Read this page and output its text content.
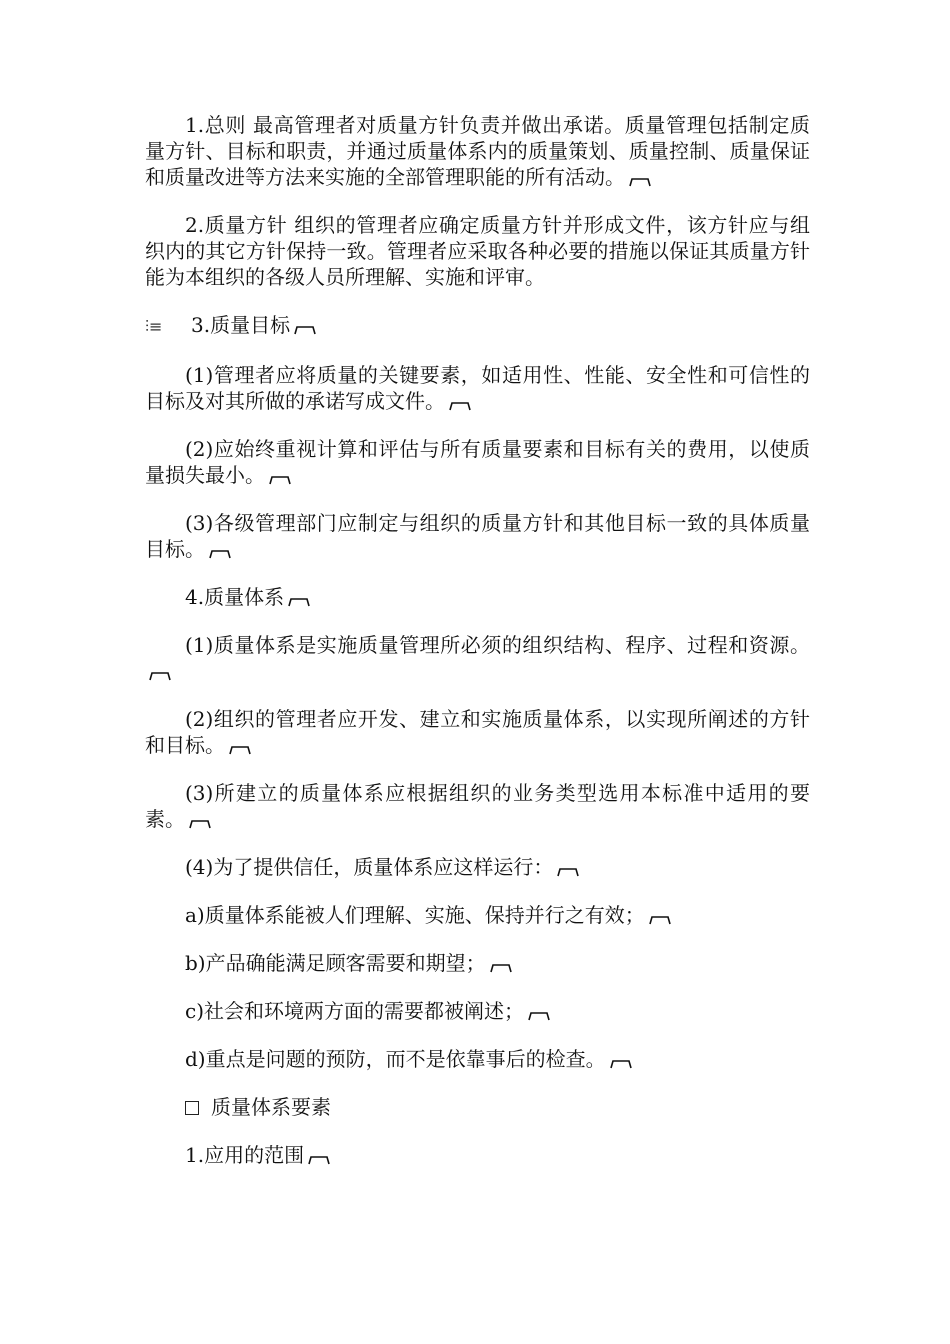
1.总则 最高管理者对质量方针负责并做出承诺。质量管理包括制定质量方针、目标和职责，并通过质量体系内的质量策划、质量控制、质量保证和质量改进等方法来实施的全部管理职能的所有活动。

2.质量方针 组织的管理者应确定质量方针并形成文件，该方针应与组织内的其它方针保持一致。管理者应采取各种必要的措施以保证其质量方针能为本组织的各级人员所理解、实施和评审。

⫶≡ 3.质量目标

(1)管理者应将质量的关键要素，如适用性、性能、安全性和可信性的目标及对其所做的承诺写成文件。

(2)应始终重视计算和评估与所有质量要素和目标有关的费用，以使质量损失最小。

(3)各级管理部门应制定与组织的质量方针和其他目标一致的具体质量目标。

4.质量体系

(1)质量体系是实施质量管理所必须的组织结构、程序、过程和资源。

(2)组织的管理者应开发、建立和实施质量体系，以实现所阐述的方针和目标。

(3)所建立的质量体系应根据组织的业务类型选用本标准中适用的要素。

(4)为了提供信任，质量体系应这样运行：

a)质量体系能被人们理解、实施、保持并行之有效；

b)产品确能满足顾客需要和期望；

c)社会和环境两方面的需要都被阐述；

d)重点是问题的预防，而不是依靠事后的检查。

质量体系要素

1.应用的范围
